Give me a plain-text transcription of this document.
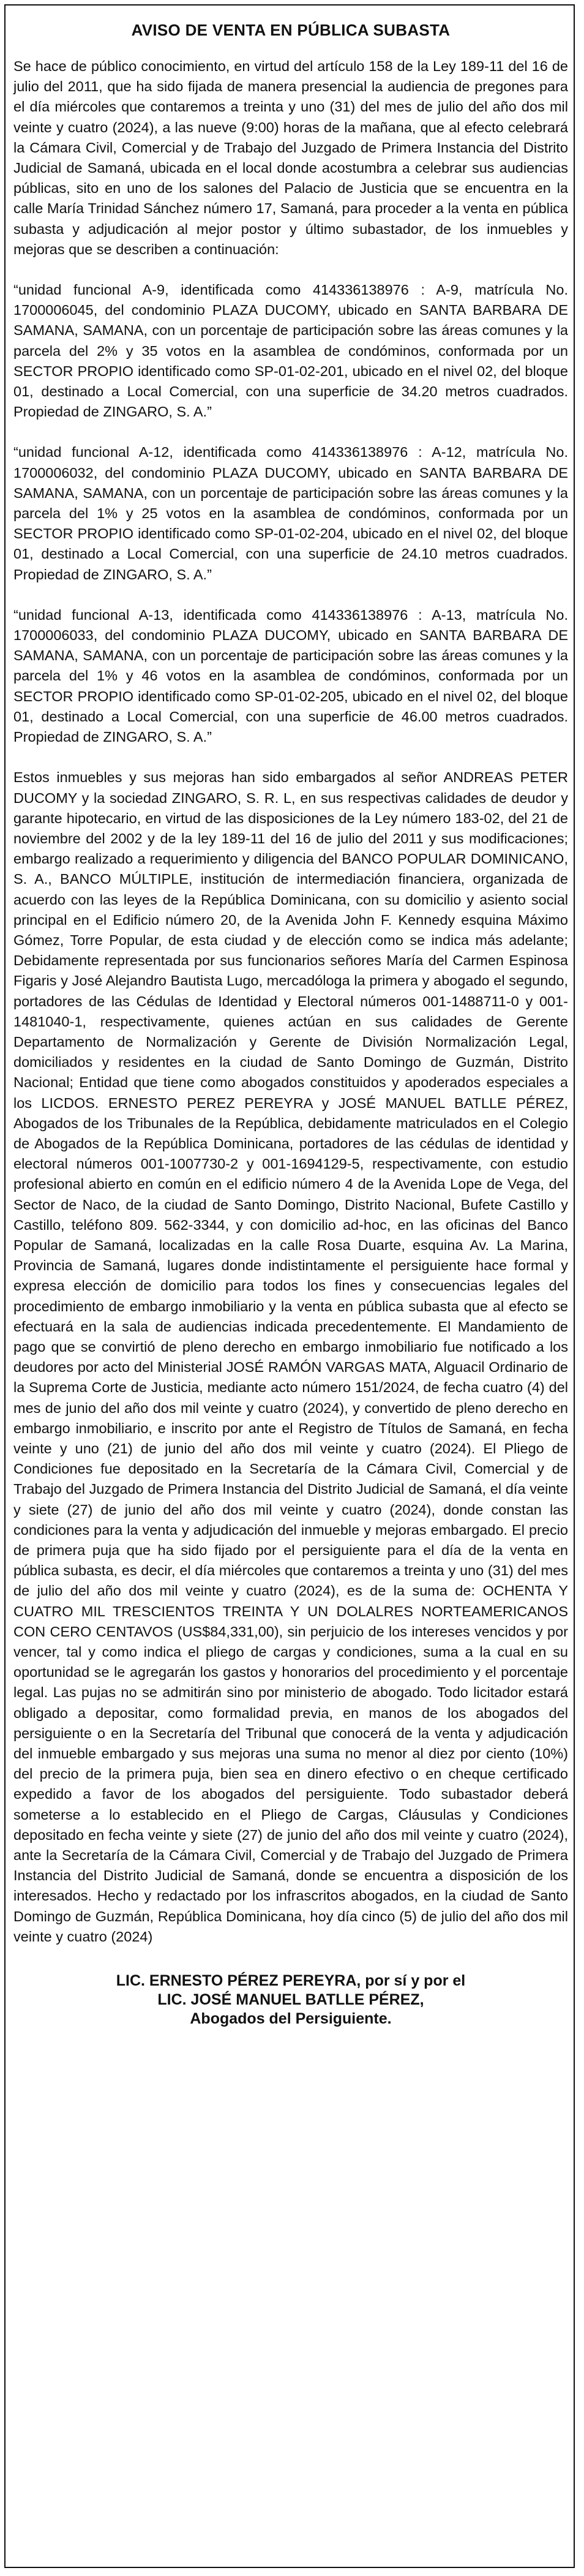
AVISO DE VENTA EN PÚBLICA SUBASTA

Se hace de público conocimiento, en virtud del artículo 158 de la Ley 189-11 del 16 de julio del 2011, que ha sido fijada de manera presencial la audiencia de pregones para el día miércoles que contaremos a treinta y uno (31) del mes de julio del año dos mil veinte y cuatro (2024), a las nueve (9:00) horas de la mañana, que al efecto celebrará la Cámara Civil, Comercial y de Trabajo del Juzgado de Primera Instancia del Distrito Judicial de Samaná, ubicada en el local donde acostumbra a celebrar sus audiencias públicas, sito en uno de los salones del Palacio de Justicia que se encuentra en la calle María Trinidad Sánchez número 17, Samaná, para proceder a la venta en pública subasta y adjudicación al mejor postor y último subastador, de los inmuebles y mejoras que se describen a continuación:

“unidad funcional A-9, identificada como 414336138976 : A-9, matrícula No. 1700006045, del condominio PLAZA DUCOMY, ubicado en SANTA BARBARA DE SAMANA, SAMANA, con un porcentaje de participación sobre las áreas comunes y la parcela del 2% y 35 votos en la asamblea de condóminos, conformada por un SECTOR PROPIO identificado como SP-01-02-201, ubicado en el nivel 02, del bloque 01, destinado a Local Comercial, con una superficie de 34.20 metros cuadrados. Propiedad de ZINGARO, S. A.”

“unidad funcional A-12, identificada como 414336138976 : A-12, matrícula No. 1700006032, del condominio PLAZA DUCOMY, ubicado en SANTA BARBARA DE SAMANA, SAMANA, con un porcentaje de participación sobre las áreas comunes y la parcela del 1% y 25 votos en la asamblea de condóminos, conformada por un SECTOR PROPIO identificado como SP-01-02-204, ubicado en el nivel 02, del bloque 01, destinado a Local Comercial, con una superficie de 24.10 metros cuadrados. Propiedad de ZINGARO, S. A.”

“unidad funcional A-13, identificada como 414336138976 : A-13, matrícula No. 1700006033, del condominio PLAZA DUCOMY, ubicado en SANTA BARBARA DE SAMANA, SAMANA, con un porcentaje de participación sobre las áreas comunes y la parcela del 1% y 46 votos en la asamblea de condóminos, conformada por un SECTOR PROPIO identificado como SP-01-02-205, ubicado en el nivel 02, del bloque 01, destinado a Local Comercial, con una superficie de 46.00 metros cuadrados. Propiedad de ZINGARO, S. A.”

Estos inmuebles y sus mejoras han sido embargados al señor ANDREAS PETER DUCOMY y la sociedad ZINGARO, S. R. L, en sus respectivas calidades de deudor y garante hipotecario, en virtud de las disposiciones de la Ley número 183-02, del 21 de noviembre del 2002 y de la ley 189-11 del 16 de julio del 2011 y sus modificaciones; embargo realizado a requerimiento y diligencia del BANCO POPULAR DOMINICANO, S. A., BANCO MÚLTIPLE, institución de intermediación financiera, organizada de acuerdo con las leyes de la República Dominicana, con su domicilio y asiento social principal en el Edificio número 20, de la Avenida John F. Kennedy esquina Máximo Gómez, Torre Popular, de esta ciudad y de elección como se indica más adelante; Debidamente representada por sus funcionarios señores María del Carmen Espinosa Figaris y José Alejandro Bautista Lugo, mercadóloga la primera y abogado el segundo, portadores de las Cédulas de Identidad y Electoral números 001-1488711-0 y 001-1481040-1, respectivamente, quienes actúan en sus calidades de Gerente Departamento de Normalización y Gerente de División Normalización Legal, domiciliados y residentes en la ciudad de Santo Domingo de Guzmán, Distrito Nacional; Entidad que tiene como abogados constituidos y apoderados especiales a los LICDOS. ERNESTO PEREZ PEREYRA y JOSÉ MANUEL BATLLE PÉREZ, Abogados de los Tribunales de la República, debidamente matriculados en el Colegio de Abogados de la República Dominicana, portadores de las cédulas de identidad y electoral números 001-1007730-2 y 001-1694129-5, respectivamente, con estudio profesional abierto en común en el edificio número 4 de la Avenida Lope de Vega, del Sector de Naco, de la ciudad de Santo Domingo, Distrito Nacional, Bufete Castillo y Castillo, teléfono 809. 562-3344, y con domicilio ad-hoc, en las oficinas del Banco Popular de Samaná, localizadas en la calle Rosa Duarte, esquina Av. La Marina, Provincia de Samaná, lugares donde indistintamente el persiguiente hace formal y expresa elección de domicilio para todos los fines y consecuencias legales del procedimiento de embargo inmobiliario y la venta en pública subasta que al efecto se efectuará en la sala de audiencias indicada precedentemente. El Mandamiento de pago que se convirtió de pleno derecho en embargo inmobiliario fue notificado a los deudores por acto del Ministerial JOSÉ RAMÓN VARGAS MATA, Alguacil Ordinario de la Suprema Corte de Justicia, mediante acto número 151/2024, de fecha cuatro (4) del mes de junio del año dos mil veinte y cuatro (2024), y convertido de pleno derecho en embargo inmobiliario, e inscrito por ante el Registro de Títulos de Samaná, en fecha veinte y uno (21) de junio del año dos mil veinte y cuatro (2024). El Pliego de Condiciones fue depositado en la Secretaría de la Cámara Civil, Comercial y de Trabajo del Juzgado de Primera Instancia del Distrito Judicial de Samaná, el día veinte y siete (27) de junio del año dos mil veinte y cuatro (2024), donde constan las condiciones para la venta y adjudicación del inmueble y mejoras embargado. El precio de primera puja que ha sido fijado por el persiguiente para el día de la venta en pública subasta, es decir, el día miércoles que contaremos a treinta y uno (31) del mes de julio del año dos mil veinte y cuatro (2024), es de la suma de: OCHENTA Y CUATRO MIL TRESCIENTOS TREINTA Y UN DOLALRES NORTEAMERICANOS CON CERO CENTAVOS (US$84,331,00), sin perjuicio de los intereses vencidos y por vencer, tal y como indica el pliego de cargas y condiciones, suma a la cual en su oportunidad se le agregarán los gastos y honorarios del procedimiento y el porcentaje legal. Las pujas no se admitirán sino por ministerio de abogado. Todo licitador estará obligado a depositar, como formalidad previa, en manos de los abogados del persiguiente o en la Secretaría del Tribunal que conocerá de la venta y adjudicación del inmueble embargado y sus mejoras una suma no menor al diez por ciento (10%) del precio de la primera puja, bien sea en dinero efectivo o en cheque certificado expedido a favor de los abogados del persiguiente. Todo subastador deberá someterse a lo establecido en el Pliego de Cargas, Cláusulas y Condiciones depositado en fecha veinte y siete (27) de junio del año dos mil veinte y cuatro (2024), ante la Secretaría de la Cámara Civil, Comercial y de Trabajo del Juzgado de Primera Instancia del Distrito Judicial de Samaná, donde se encuentra a disposición de los interesados. Hecho y redactado por los infrascritos abogados, en la ciudad de Santo Domingo de Guzmán, República Dominicana, hoy día cinco (5) de julio del año dos mil veinte y cuatro (2024)

LIC. ERNESTO PÉREZ PEREYRA, por sí y por el
LIC. JOSÉ MANUEL BATLLE PÉREZ,
Abogados del Persiguiente.
